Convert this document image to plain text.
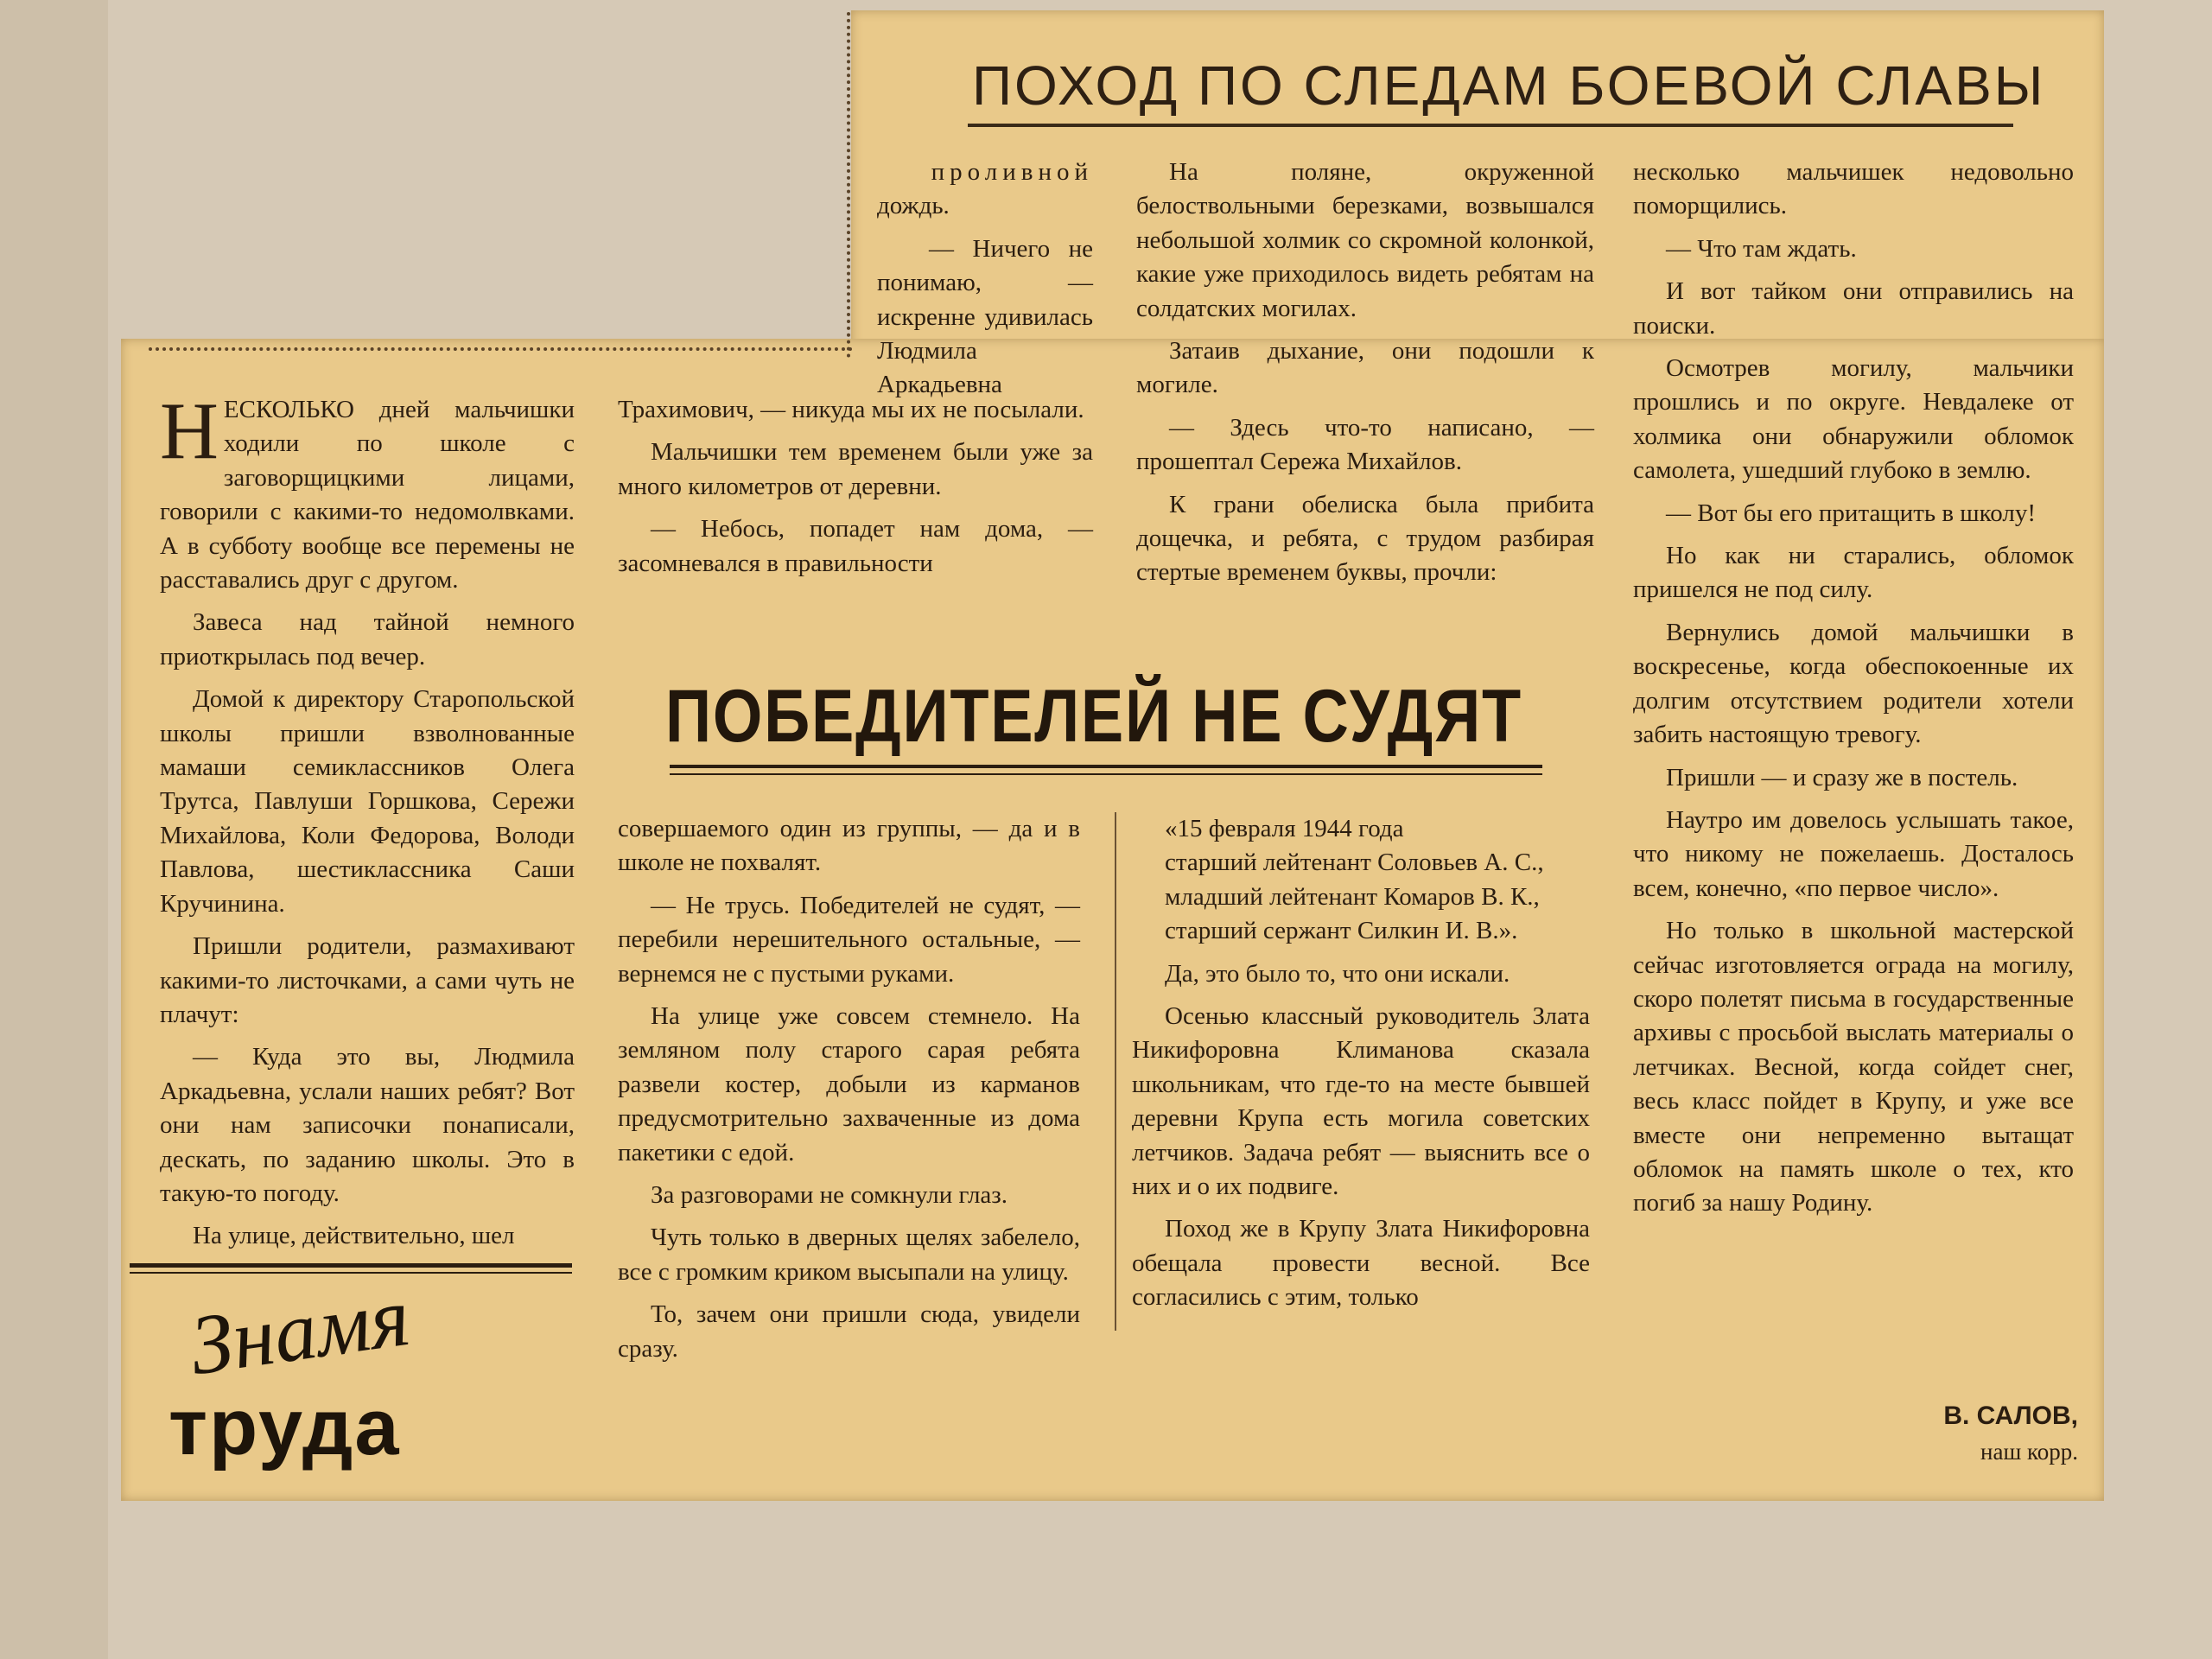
ПОХОД ПО СЛЕДАМ БОЕВОЙ СЛАВЫ

проливной

дождь.

— Ничего не понимаю, —искренне удивилась Людмила Аркадьевна

На поляне, окруженной белоствольными березками, возвышался небольшой холмик со скромной колонкой, какие уже приходилось видеть ребятам на солдатских могилах.

Затаив дыхание, они подошли к могиле.

— Здесь что-то написано, — прошептал Сережа Михайлов.

К грани обелиска была прибита дощечка, и ребята, с трудом разбирая стертые временем буквы, прочли:

несколько мальчишек недовольно поморщились.

— Что там ждать.

И вот тайком они отправились на поиски.

Осмотрев могилу, мальчики прошлись и по округе. Невдалеке от холмика они обнаружили обломок самолета, ушедший глубоко в землю.

— Вот бы его притащить в школу!

Но как ни старались, обломок пришелся не под силу.

Вернулись домой мальчишки в воскресенье, когда обеспокоенные их долгим отсутствием родители хотели забить настоящую тревогу.

Пришли — и сразу же в постель.

Наутро им довелось услышать такое, что никому не пожелаешь. Досталось всем, конечно, «по первое число».

Но только в школьной мастерской сейчас изготовляется ограда на могилу, скоро полетят письма в государственные архивы с просьбой выслать материалы о летчиках. Весной, когда сойдет снег, весь класс пойдет в Крупу, и уже все вместе они непременно вытащат обломок на память школе о тех, кто погиб за нашу Родину.

НЕСКОЛЬКО дней мальчишки ходили по школе с заговорщицкими лицами, говорили с какими-то недомолвками. А в субботу вообще все перемены не расставались друг с другом.

Завеса над тайной немного приоткрылась под вечер.

Домой к директору Старопольской школы пришли взволнованные мамаши семиклассников Олега Трутса, Павлуши Горшкова, Сережи Михайлова, Коли Федорова, Володи Павлова, шестиклассника Саши Кручинина.

Пришли родители, размахивают какими-то листочками, а сами чуть не плачут:

— Куда это вы, Людмила Аркадьевна, услали наших ребят? Вот они нам записочки понаписали, дескать, по заданию школы. Это в такую-то погоду.

На улице, действительно, шел

Трахимович, — никуда мы их не посылали.

Мальчишки тем временем были уже за много километров от деревни.

— Небось, попадет нам дома, — засомневался в правильности

ПОБЕДИТЕЛЕЙ НЕ СУДЯТ

совершаемого один из группы, — да и в школе не похвалят.

— Не трусь. Победителей не судят, — перебили нерешительного остальные, — вернемся не с пустыми руками.

На улице уже совсем стемнело. На земляном полу старого сарая ребята развели костер, добыли из карманов предусмотрительно захваченные из дома пакетики с едой.

За разговорами не сомкнули глаз.

Чуть только в дверных щелях забелело, все с громким криком высыпали на улицу.

То, зачем они пришли сюда, увидели сразу.

«15 февраля 1944 года

старший лейтенант Соловьев А. С.,

младший лейтенант Комаров В. К.,

старший сержант Силкин И. В.».

Да, это было то, что они искали.

Осенью классный руководитель Злата Никифоровна Климанова сказала школьникам, что где-то на месте бывшей деревни Крупа есть могила советских летчиков. Задача ребят — выяснить все о них и о их подвиге.

Поход же в Крупу Злата Никифоровна обещала провести весной. Все согласились с этим, только

Знамя
труда	В. САЛОВ,
наш корр.
